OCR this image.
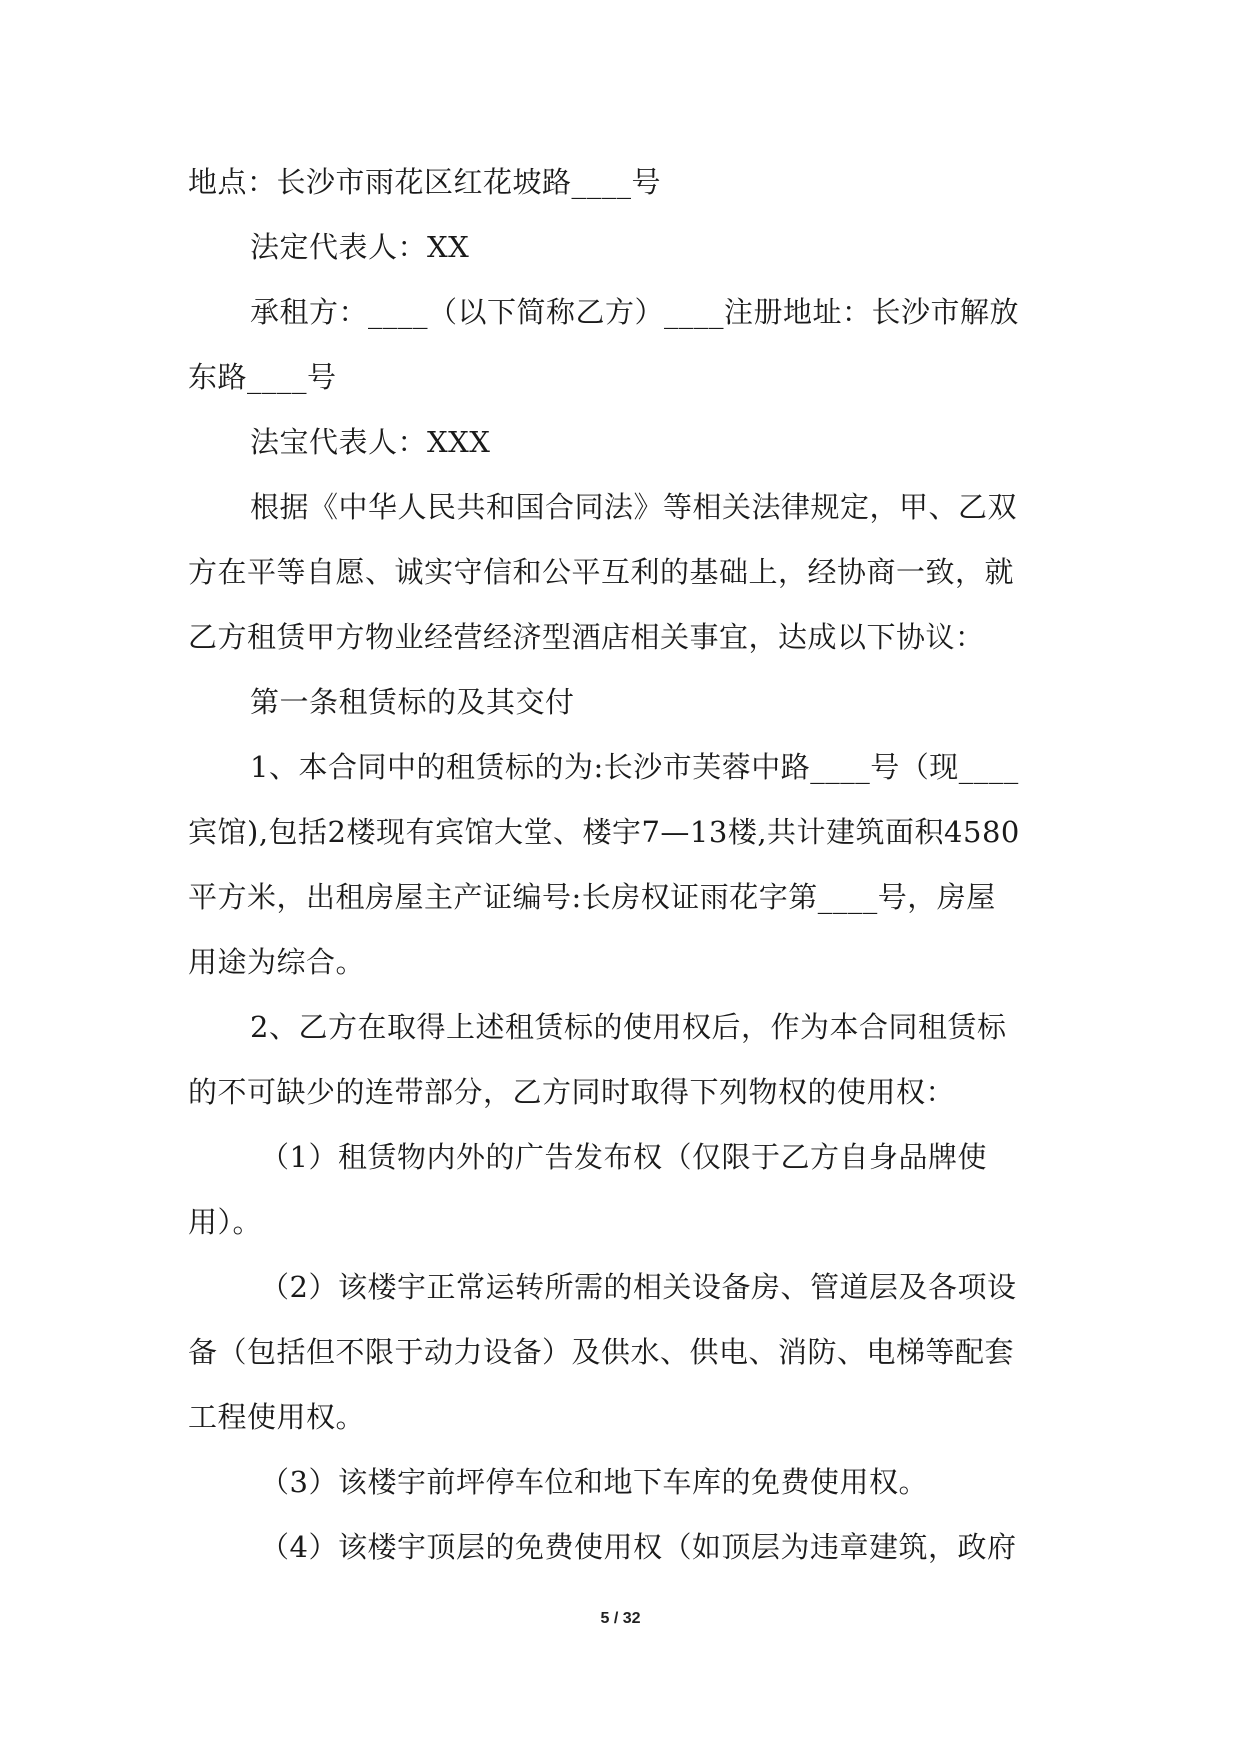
地点：长沙市雨花区红花坡路____号
法定代表人：XX
承租方：____（以下简称乙方）____注册地址：长沙市解放
东路____号
法宝代表人：XXX
根据《中华人民共和国合同法》等相关法律规定，甲、乙双
方在平等自愿、诚实守信和公平互利的基础上，经协商一致，就
乙方租赁甲方物业经营经济型酒店相关事宜，达成以下协议：
第一条租赁标的及其交付
1、本合同中的租赁标的为:长沙市芙蓉中路____号（现____
宾馆),包括2楼现有宾馆大堂、楼宇7—13楼,共计建筑面积4580
平方米，出租房屋主产证编号:长房权证雨花字第____号，房屋
用途为综合。
2、乙方在取得上述租赁标的使用权后，作为本合同租赁标
的不可缺少的连带部分，乙方同时取得下列物权的使用权：
（1）租赁物内外的广告发布权（仅限于乙方自身品牌使
用）。
（2）该楼宇正常运转所需的相关设备房、管道层及各项设
备（包括但不限于动力设备）及供水、供电、消防、电梯等配套
工程使用权。
（3）该楼宇前坪停车位和地下车库的免费使用权。
（4）该楼宇顶层的免费使用权（如顶层为违章建筑，政府
5 / 32
